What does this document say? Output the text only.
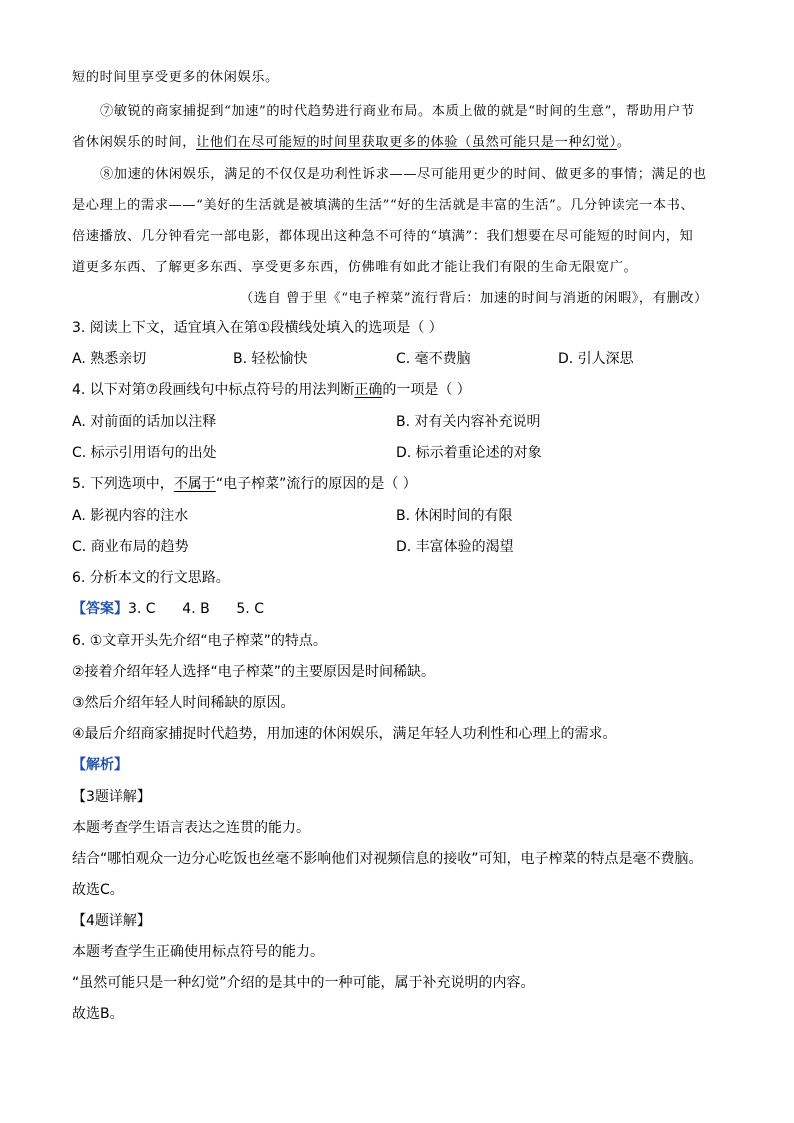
短的时间里享受更多的休闲娱乐。
⑦敏锐的商家捕捉到“加速”的时代趋势进行商业布局。本质上做的就是“时间的生意”，帮助用户节
省休闲娱乐的时间，让他们在尽可能短的时间里获取更多的体验（虽然可能只是一种幻觉）。
⑧加速的休闲娱乐，满足的不仅仅是功利性诉求——尽可能用更少的时间、做更多的事情；满足的也
是心理上的需求——“美好的生活就是被填满的生活”“好的生活就是丰富的生活”。几分钟读完一本书、
倍速播放、几分钟看完一部电影，都体现出这种急不可待的“填满”：我们想要在尽可能短的时间内，知
道更多东西、了解更多东西、享受更多东西，仿佛唯有如此才能让我们有限的生命无限宽广。
（选自 曾于里《“电子榨菜”流行背后：加速的时间与消逝的闲暇》，有删改）
3. 阅读上下文，适宜填入在第①段横线处填入的选项是（ ）
A. 熟悉亲切	B. 轻松愉快	C. 毫不费脑	D. 引人深思
4. 以下对第⑦段画线句中标点符号的用法判断正确的一项是（ ）
A. 对前面的话加以注释	B. 对有关内容补充说明
C. 标示引用语句的出处	D. 标示着重论述的对象
5. 下列选项中，不属于“电子榨菜”流行的原因的是（ ）
A. 影视内容的注水	B. 休闲时间的有限
C. 商业布局的趋势	D. 丰富体验的渴望
6. 分析本文的行文思路。
【答案】3. C      4. B      5. C
6. ①文章开头先介绍“电子榨菜”的特点。
②接着介绍年轻人选择“电子榨菜”的主要原因是时间稀缺。
③然后介绍年轻人时间稀缺的原因。
④最后介绍商家捕捉时代趋势，用加速的休闲娱乐，满足年轻人功利性和心理上的需求。
【解析】
【3题详解】
本题考查学生语言表达之连贯的能力。
结合“哪怕观众一边分心吃饭也丝毫不影响他们对视频信息的接收”可知，电子榨菜的特点是毫不费脑。
故选C。
【4题详解】
本题考查学生正确使用标点符号的能力。
“虽然可能只是一种幻觉”介绍的是其中的一种可能，属于补充说明的内容。
故选B。
